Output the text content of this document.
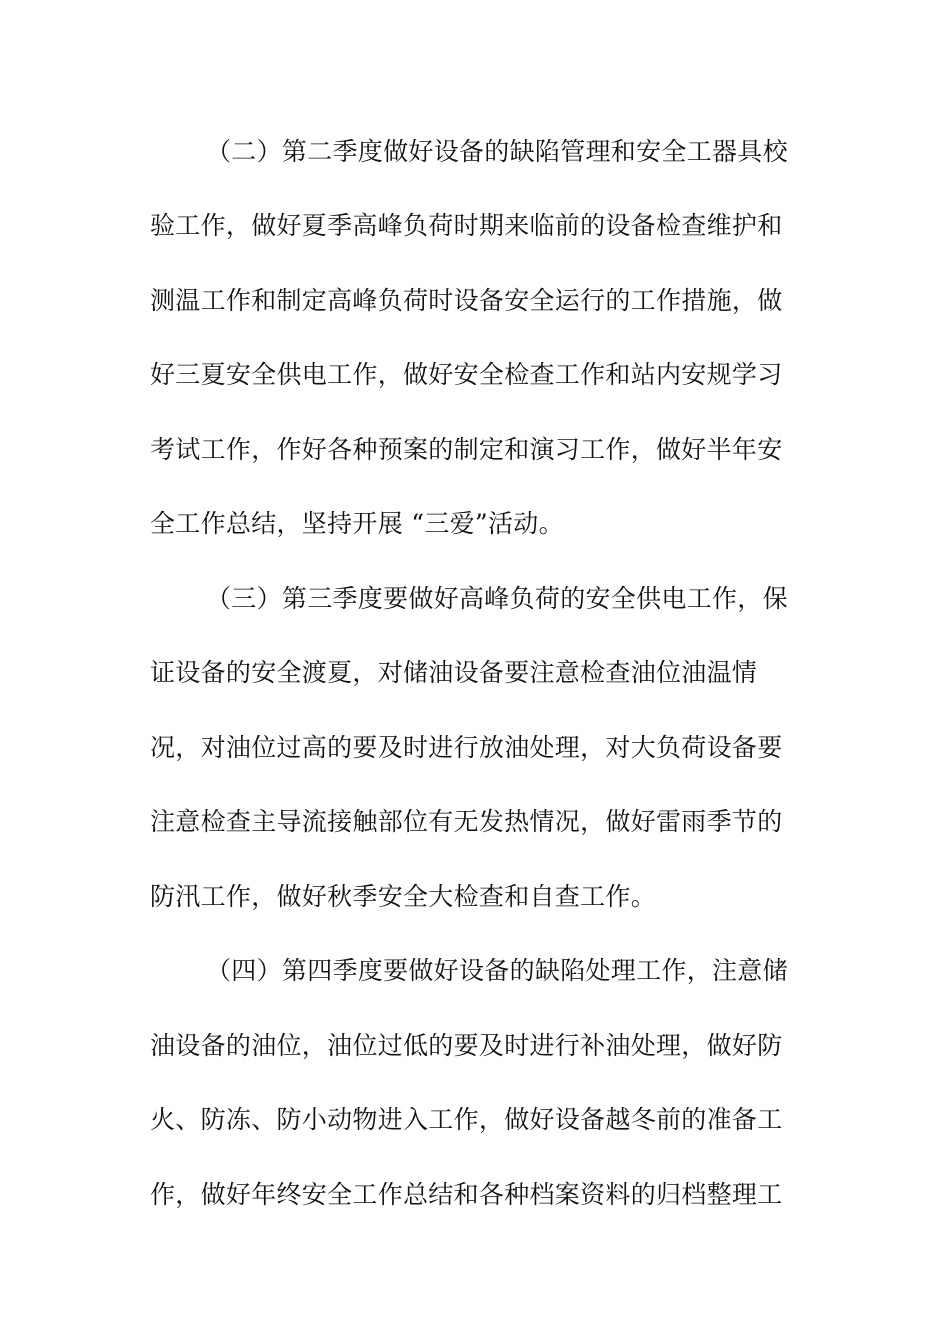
（二）第二季度做好设备的缺陷管理和安全工器具校
验工作，做好夏季高峰负荷时期来临前的设备检查维护和
测温工作和制定高峰负荷时设备安全运行的工作措施，做
好三夏安全供电工作，做好安全检查工作和站内安规学习
考试工作，作好各种预案的制定和演习工作，做好半年安
全工作总结，坚持开展 “三爱”活动。
（三）第三季度要做好高峰负荷的安全供电工作，保
证设备的安全渡夏，对储油设备要注意检查油位油温情
况，对油位过高的要及时进行放油处理，对大负荷设备要
注意检查主导流接触部位有无发热情况，做好雷雨季节的
防汛工作，做好秋季安全大检查和自查工作。
（四）第四季度要做好设备的缺陷处理工作，注意储
油设备的油位，油位过低的要及时进行补油处理，做好防
火、防冻、防小动物进入工作，做好设备越冬前的准备工
作，做好年终安全工作总结和各种档案资料的归档整理工
